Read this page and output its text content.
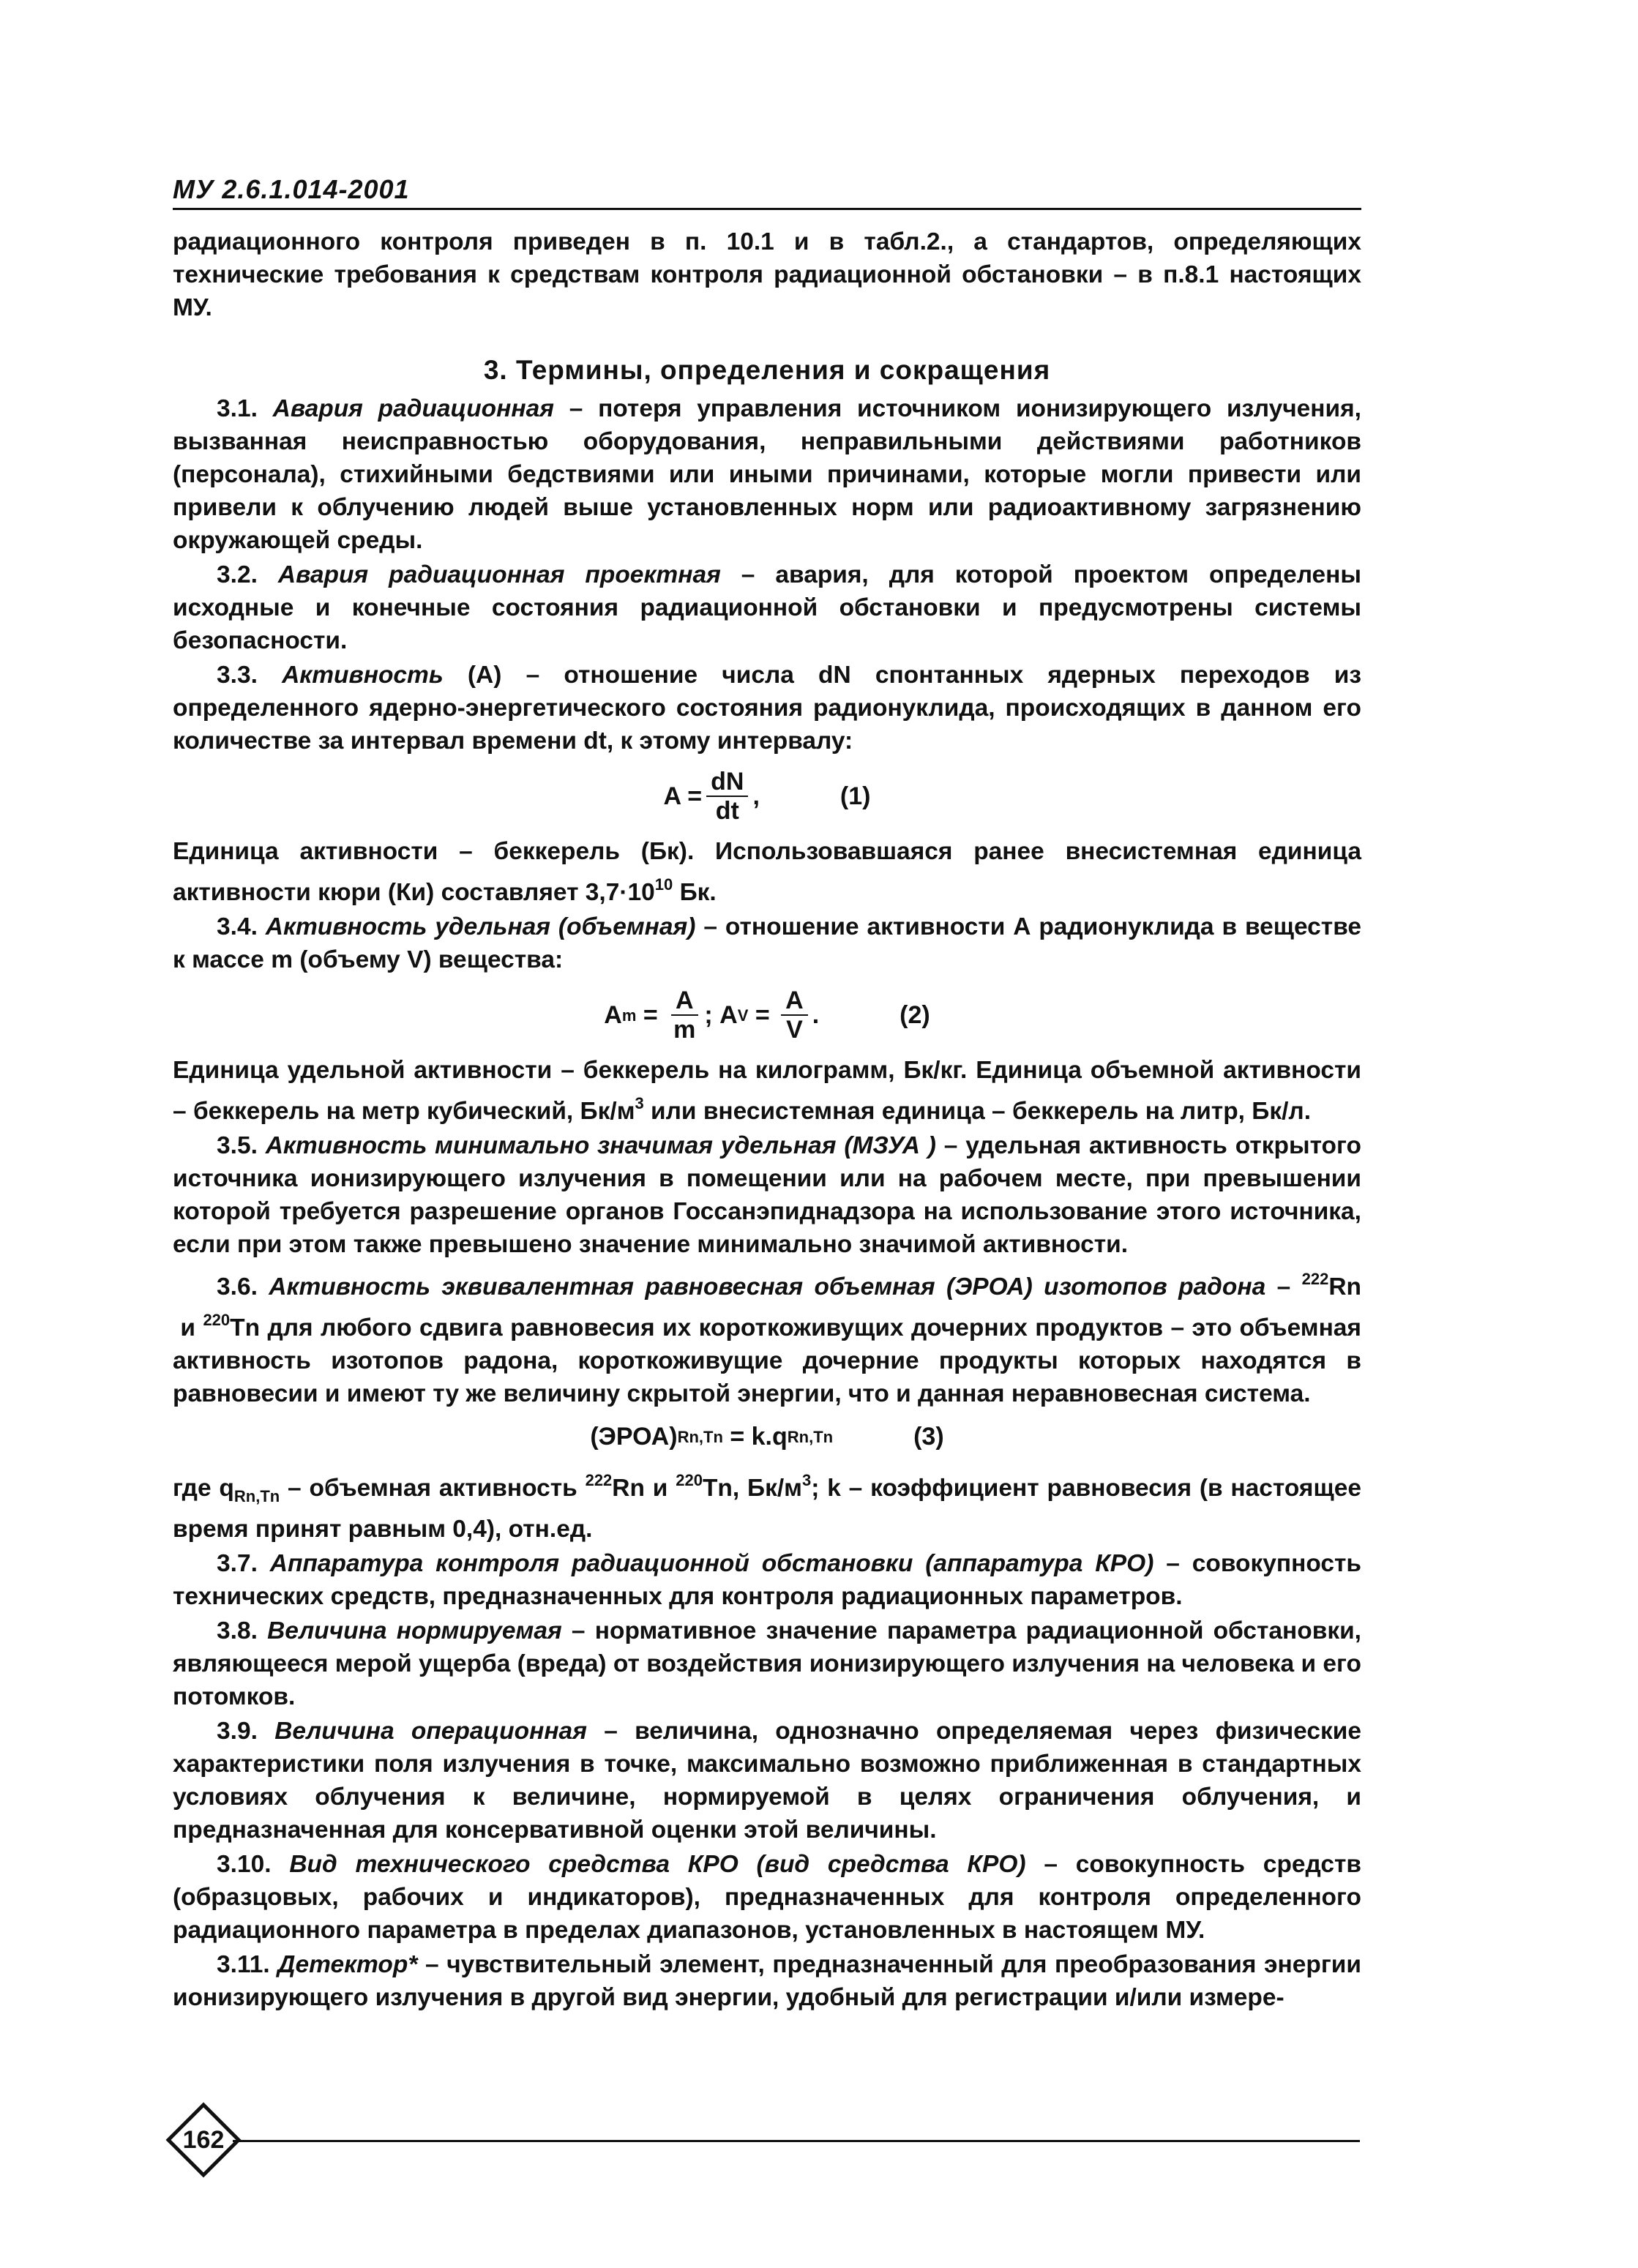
МУ 2.6.1.014-2001

радиационного контроля приведен в п. 10.1 и в табл.2., а стандартов, определяющих технические требования к средствам контроля радиационной обстановки – в п.8.1 настоящих МУ.

3. Термины, определения и сокращения

3.1. Авария радиационная – потеря управления источником ионизирующего излучения, вызванная неисправностью оборудования, неправильными действиями работников (персонала), стихийными бедствиями или иными причинами, которые могли привести или привели к облучению людей выше установленных норм или радиоактивному загрязнению окружающей среды.

3.2. Авария радиационная проектная – авария, для которой проектом определены исходные и конечные состояния радиационной обстановки и предусмотрены системы безопасности.

3.3. Активность (А) – отношение числа dN спонтанных ядерных переходов из определенного ядерно-энергетического состояния радионуклида, происходящих в данном его количестве за интервал времени dt, к этому интервалу:

$A = \frac{dN}{dt}$ ,	(1)

Единица активности – беккерель (Бк). Использовавшаяся ранее внесистемная единица активности кюри (Ки) составляет $3,7\cdot 10^{10}$ Бк.

3.4. Активность удельная (объемная) – отношение активности А радионуклида в веществе к массе m (объему V) вещества:

A $m = \frac{A}{m}$ ; A $V = \frac{A}{V}$ .	(2)

Единица удельной активности – беккерель на килограмм, Бк/кг. Единица объемной активности – беккерель на метр кубический, $Бк/м^3$ или внесистемная единица – беккерель на литр, Бк/л.

3.5. Активность минимально значимая удельная (МЗУА ) – удельная активность открытого источника ионизирующего излучения в помещении или на рабочем месте, при превышении которой требуется разрешение органов Госсанэпиднадзора на использование этого источника, если при этом также превышено значение минимально значимой активности.

3.6. Активность эквивалентная равновесная объемная (ЭРОА) изотопов радона – $^{222}$Rn и $^{220}$Tn для любого сдвига равновесия их короткоживущих дочерних продуктов – это объемная активность изотопов радона, короткоживущие дочерние продукты которых находятся в равновесии и имеют ту же величину скрытой энергии, что и данная неравновесная система.

(ЭРОА) Rn,Tn = k.q Rn,Tn	(3)

где $q_{Rn,Tn}$ – объемная активность $^{222}$Rn и $^{220}$Tn, $Бк/м^3$; k – коэффициент равновесия (в настоящее время принят равным 0,4), отн.ед.

3.7. Аппаратура контроля радиационной обстановки (аппаратура КРО) – совокупность технических средств, предназначенных для контроля радиационных параметров.

3.8. Величина нормируемая – нормативное значение параметра радиационной обстановки, являющееся мерой ущерба (вреда) от воздействия ионизирующего излучения на человека и его потомков.

3.9. Величина операционная – величина, однозначно определяемая через физические характеристики поля излучения в точке, максимально возможно приближенная в стандартных условиях облучения к величине, нормируемой в целях ограничения облучения, и предназначенная для консервативной оценки этой величины.

3.10. Вид технического средства КРО (вид средства КРО) – совокупность средств (образцовых, рабочих и индикаторов), предназначенных для контроля определенного радиационного параметра в пределах диапазонов, установленных в настоящем МУ.

3.11. Детектор* – чувствительный элемент, предназначенный для преобразования энергии ионизирующего излучения в другой вид энергии, удобный для регистрации и/или измере-

162
